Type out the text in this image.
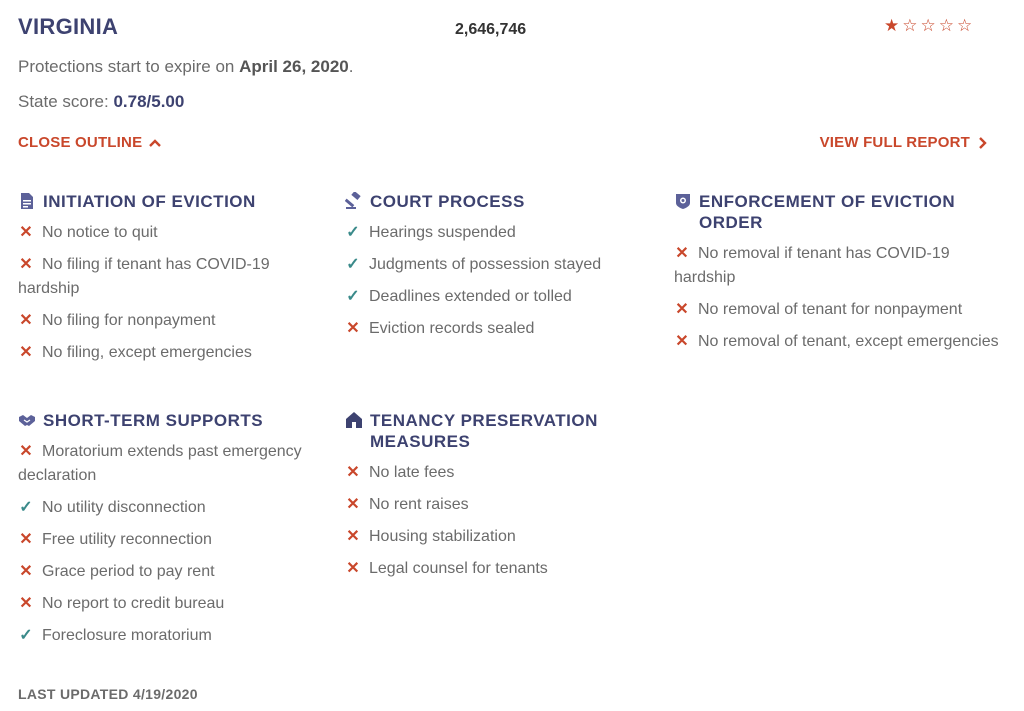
VIRGINIA	2,646,746	★ ☆ ☆ ☆ ☆
Protections start to expire on April 26, 2020.
State score: 0.78/5.00
CLOSE OUTLINE	VIEW FULL REPORT
INITIATION OF EVICTION
✕ No notice to quit
✕ No filing if tenant has COVID-19 hardship
✕ No filing for nonpayment
✕ No filing, except emergencies
COURT PROCESS
✓ Hearings suspended
✓ Judgments of possession stayed
✓ Deadlines extended or tolled
✕ Eviction records sealed
ENFORCEMENT OF EVICTION ORDER
✕ No removal if tenant has COVID-19 hardship
✕ No removal of tenant for nonpayment
✕ No removal of tenant, except emergencies
SHORT-TERM SUPPORTS
✕ Moratorium extends past emergency declaration
✓ No utility disconnection
✕ Free utility reconnection
✕ Grace period to pay rent
✕ No report to credit bureau
✓ Foreclosure moratorium
TENANCY PRESERVATION MEASURES
✕ No late fees
✕ No rent raises
✕ Housing stabilization
✕ Legal counsel for tenants
LAST UPDATED 4/19/2020
